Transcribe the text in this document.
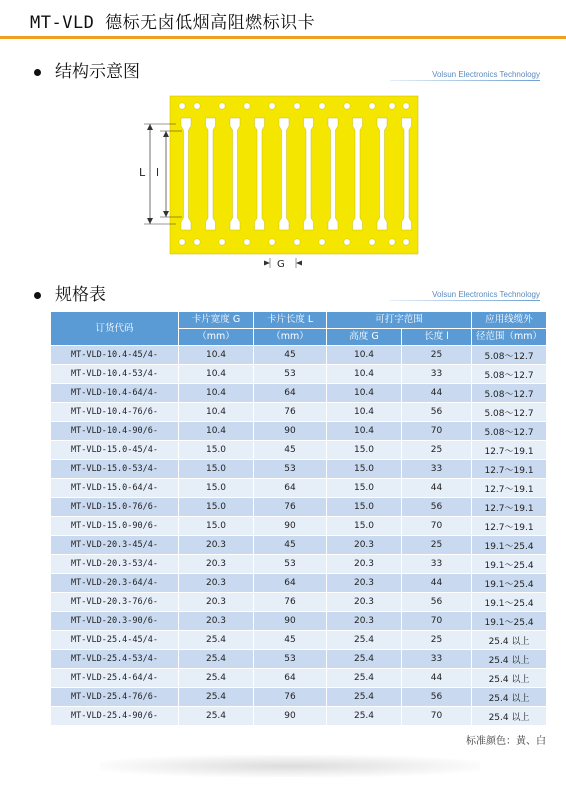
MT-VLD 德标无卤低烟高阻燃标识卡
结构示意图	Volsun Electronics Technology
L l
G
规格表	Volsun Electronics Technology
订货代码	卡片宽度 G	卡片长度 L	可打字范围		应用线缆外
	（mm）	（mm）	高度 G	长度 l	径范围（mm）
MT-VLD-10.4-45/4-	10.4	45	10.4	25	5.08～12.7
MT-VLD-10.4-53/4-	10.4	53	10.4	33	5.08～12.7
MT-VLD-10.4-64/4-	10.4	64	10.4	44	5.08～12.7
MT-VLD-10.4-76/6-	10.4	76	10.4	56	5.08～12.7
MT-VLD-10.4-90/6-	10.4	90	10.4	70	5.08～12.7
MT-VLD-15.0-45/4-	15.0	45	15.0	25	12.7～19.1
MT-VLD-15.0-53/4-	15.0	53	15.0	33	12.7～19.1
MT-VLD-15.0-64/4-	15.0	64	15.0	44	12.7～19.1
MT-VLD-15.0-76/6-	15.0	76	15.0	56	12.7～19.1
MT-VLD-15.0-90/6-	15.0	90	15.0	70	12.7～19.1
MT-VLD-20.3-45/4-	20.3	45	20.3	25	19.1～25.4
MT-VLD-20.3-53/4-	20.3	53	20.3	33	19.1～25.4
MT-VLD-20.3-64/4-	20.3	64	20.3	44	19.1～25.4
MT-VLD-20.3-76/6-	20.3	76	20.3	56	19.1～25.4
MT-VLD-20.3-90/6-	20.3	90	20.3	70	19.1～25.4
MT-VLD-25.4-45/4-	25.4	45	25.4	25	25.4 以上
MT-VLD-25.4-53/4-	25.4	53	25.4	33	25.4 以上
MT-VLD-25.4-64/4-	25.4	64	25.4	44	25.4 以上
MT-VLD-25.4-76/6-	25.4	76	25.4	56	25.4 以上
MT-VLD-25.4-90/6-	25.4	90	25.4	70	25.4 以上
标准颜色：黄、白
